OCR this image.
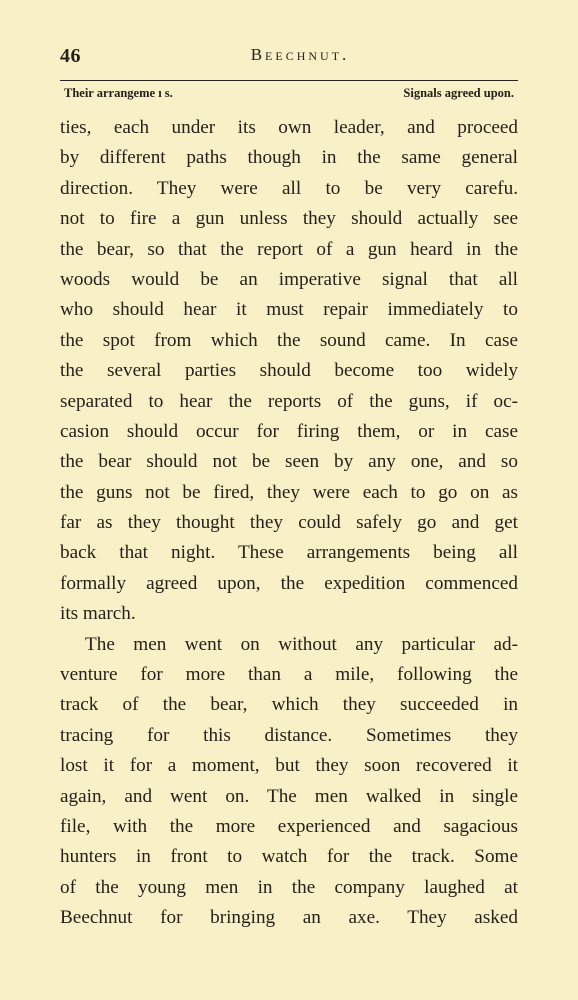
46	Beechnut.
Their arrangeme ı s.	Signals agreed upon.
ties, each under its own leader, and proceed
by different paths though in the same general
direction. They were all to be very carefu.
not to fire a gun unless they should actually see
the bear, so that the report of a gun heard in the
woods would be an imperative signal that all
who should hear it must repair immediately to
the spot from which the sound came. In case
the several parties should become too widely
separated to hear the reports of the guns, if oc-
casion should occur for firing them, or in case
the bear should not be seen by any one, and so
the guns not be fired, they were each to go on as
far as they thought they could safely go and get
back that night. These arrangements being all
formally agreed upon, the expedition commenced
its march.
The men went on without any particular ad-
venture for more than a mile, following the
track of the bear, which they succeeded in
tracing for this distance. Sometimes they
lost it for a moment, but they soon recovered it
again, and went on. The men walked in single
file, with the more experienced and sagacious
hunters in front to watch for the track. Some
of the young men in the company laughed at
Beechnut for bringing an axe. They asked
